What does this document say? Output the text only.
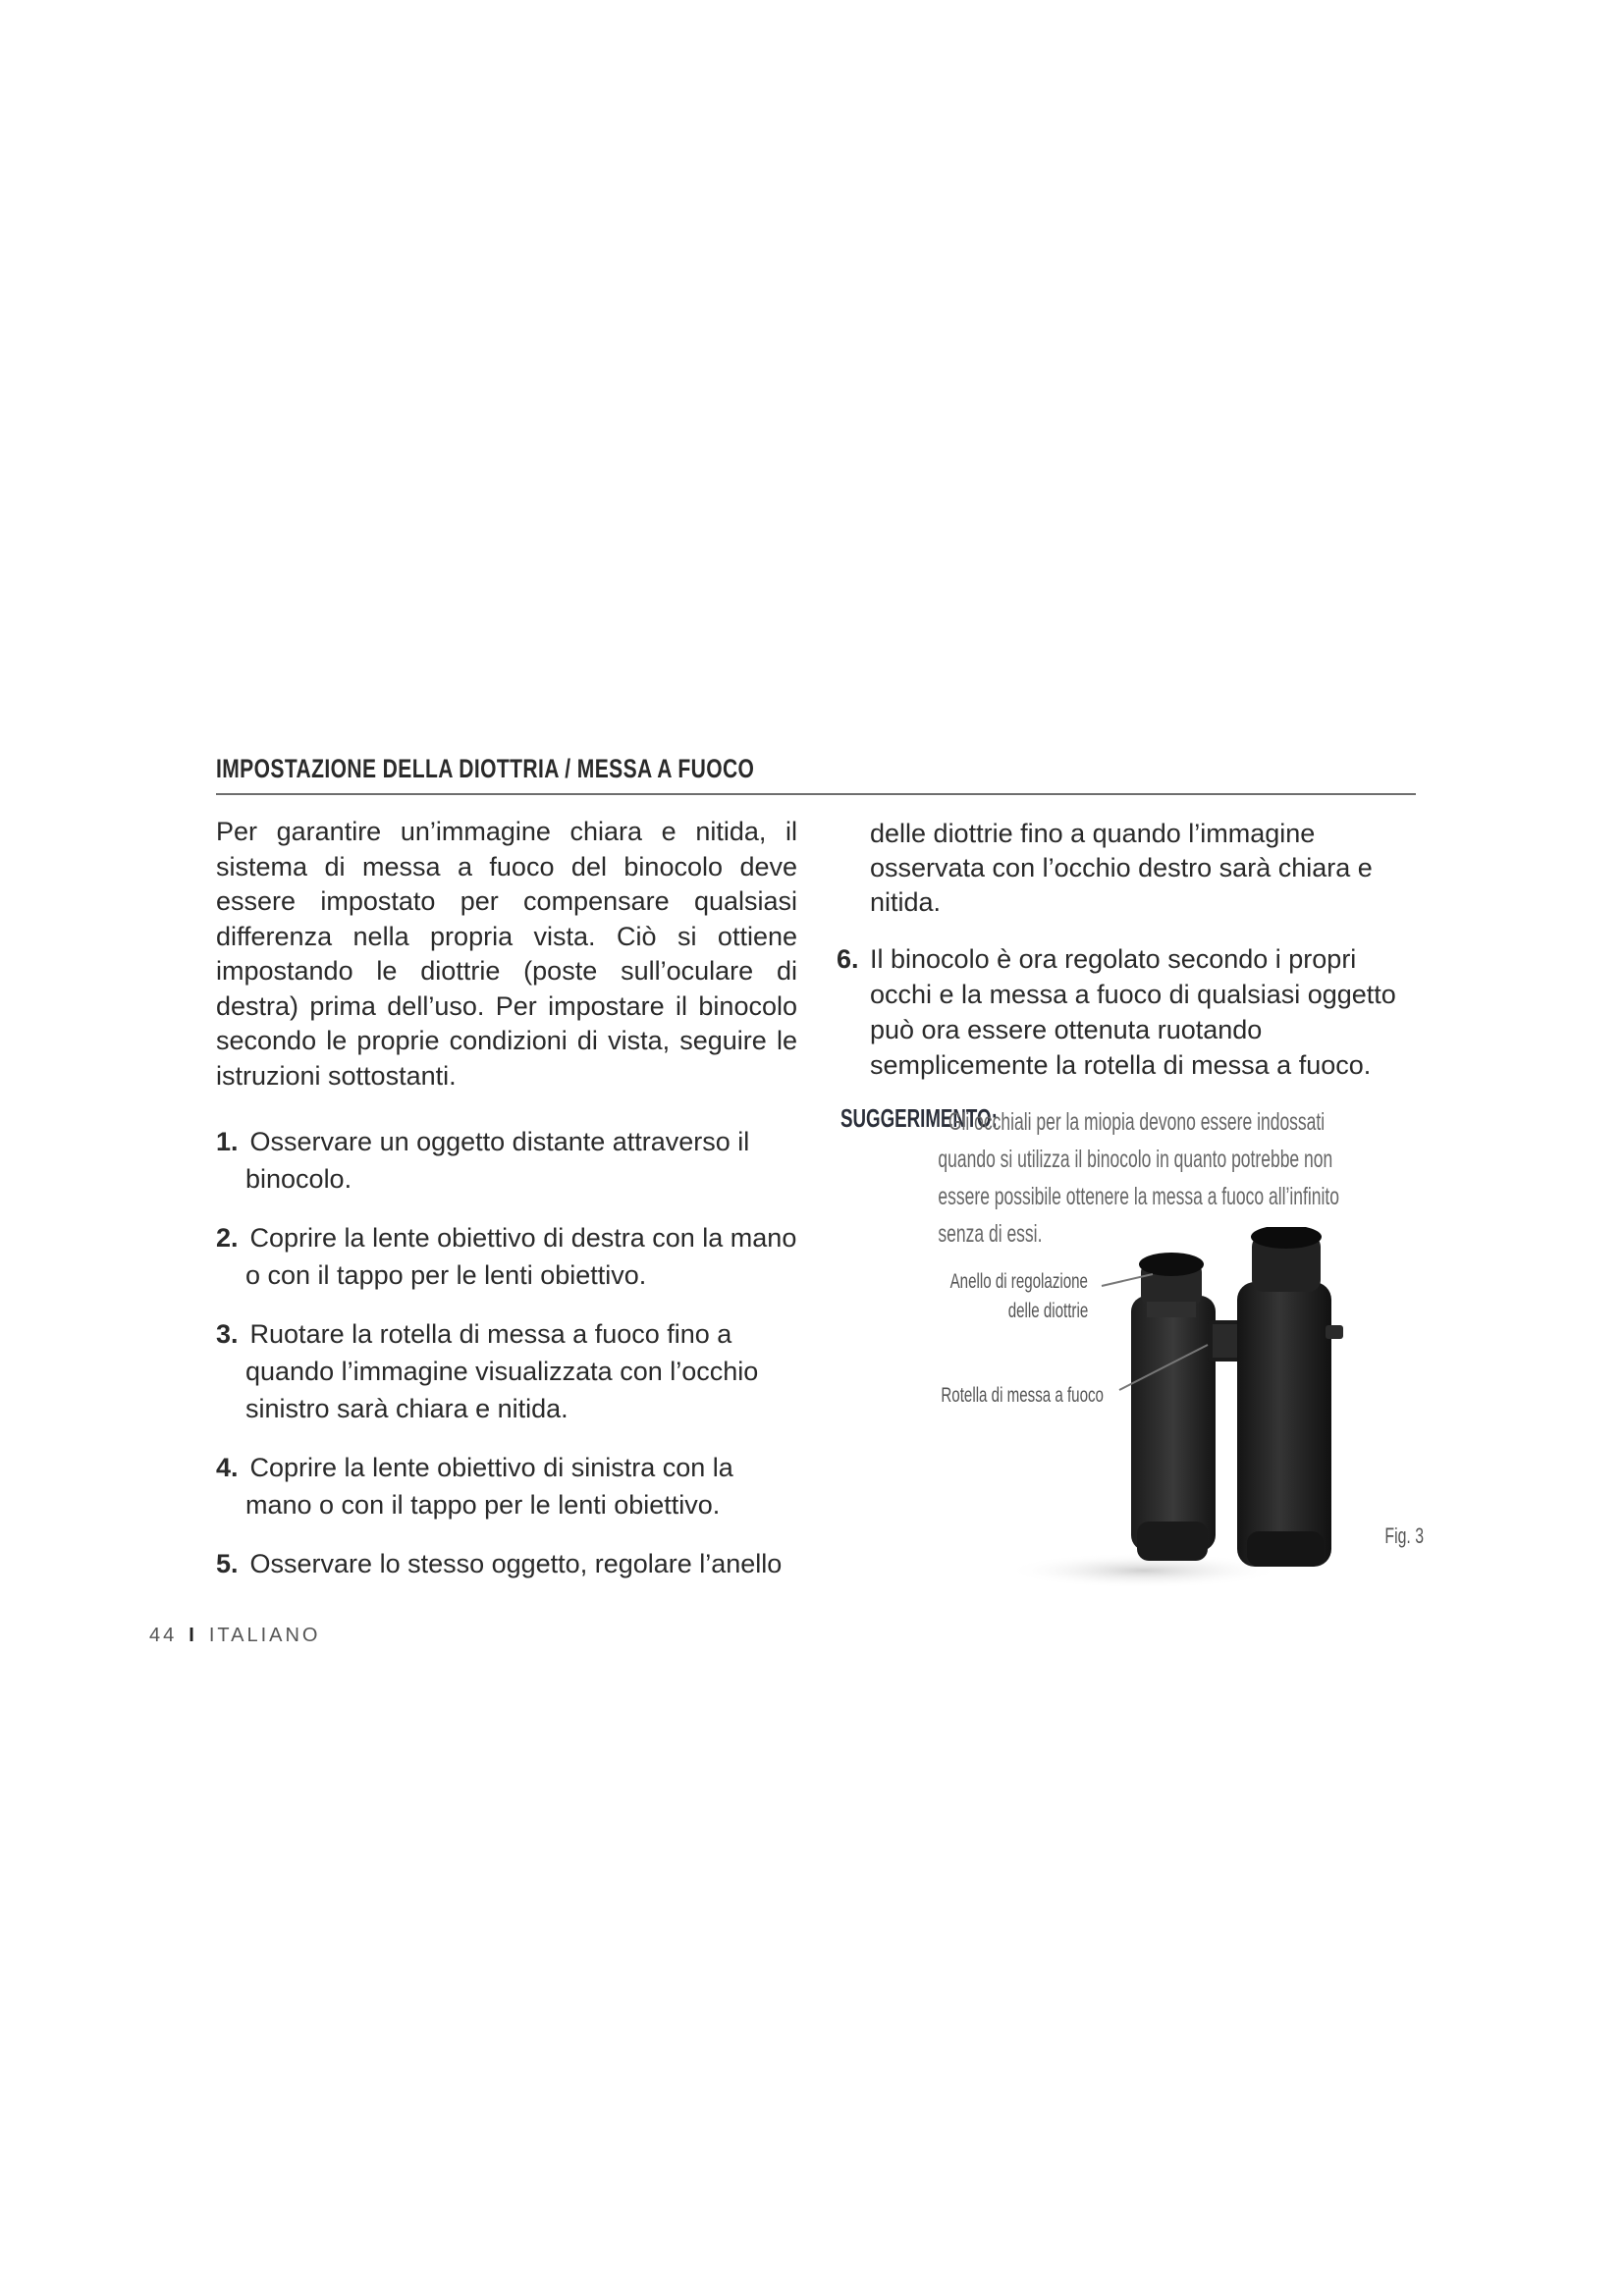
IMPOSTAZIONE DELLA DIOTTRIA / MESSA A FUOCO

Per garantire un’immagine chiara e nitida, il sistema di messa a fuoco del binocolo deve essere impostato per compensare qualsiasi differenza nella propria vista. Ciò si ottiene impostando le diottrie (poste sull’oculare di destra) prima dell’uso. Per impostare il binocolo secondo le proprie condizioni di vista, seguire le istruzioni sottostanti.

1. Osservare un oggetto distante attraverso il binocolo.
2. Coprire la lente obiettivo di destra con la mano o con il tappo per le lenti obiettivo.
3. Ruotare la rotella di messa a fuoco fino a quando l’immagine visualizzata con l’occhio sinistro sarà chiara e nitida.
4. Coprire la lente obiettivo di sinistra con la mano o con il tappo per le lenti obiettivo.
5. Osservare lo stesso oggetto, regolare l’anello

delle diottrie fino a quando l’immagine osservata con l’occhio destro sarà chiara e nitida.

6. Il binocolo è ora regolato secondo i propri occhi e la messa a fuoco di qualsiasi oggetto può ora essere ottenuta ruotando semplicemente la rotella di messa a fuoco.
SUGGERIMENTO:
Gli occhiali per la miopia devono essere indossati
quando si utilizza il binocolo in quanto potrebbe non
essere possibile ottenere la messa a fuoco all’infinito
senza di essi.
Anello di regolazione
delle diottrie
Rotella di messa a fuoco
Fig. 3
44 I ITALIANO
